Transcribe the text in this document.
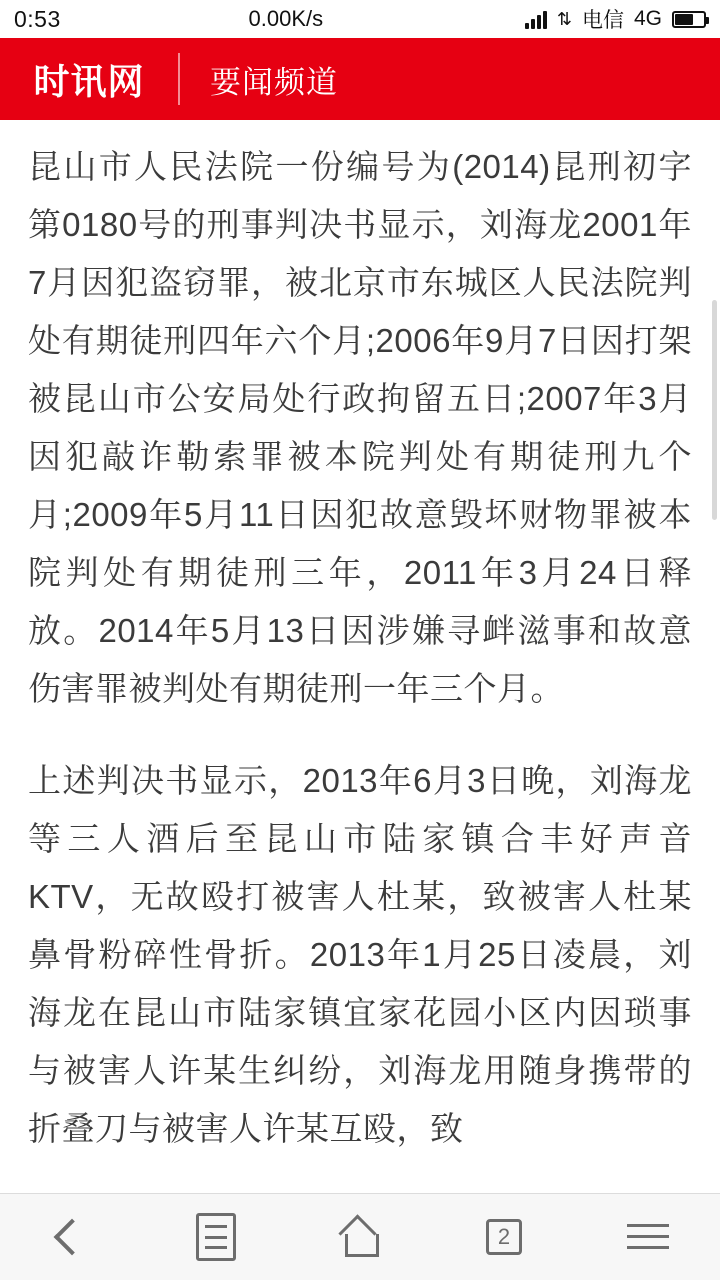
0:53	0.00K/s	⇅ 电信 4G
时讯网	要闻频道

昆山市人民法院一份编号为(2014)昆刑初字第0180号的刑事判决书显示，刘海龙2001年7月因犯盗窃罪，被北京市东城区人民法院判处有期徒刑四年六个月;2006年9月7日因打架被昆山市公安局处行政拘留五日;2007年3月因犯敲诈勒索罪被本院判处有期徒刑九个月;2009年5月11日因犯故意毁坏财物罪被本院判处有期徒刑三年，2011年3月24日释放。2014年5月13日因涉嫌寻衅滋事和故意伤害罪被判处有期徒刑一年三个月。

上述判决书显示，2013年6月3日晚，刘海龙等三人酒后至昆山市陆家镇合丰好声音KTV，无故殴打被害人杜某，致被害人杜某鼻骨粉碎性骨折。2013年1月25日凌晨，刘海龙在昆山市陆家镇宜家花园小区内因琐事与被害人许某生纠纷，刘海龙用随身携带的折叠刀与被害人许某互殴，致

2
